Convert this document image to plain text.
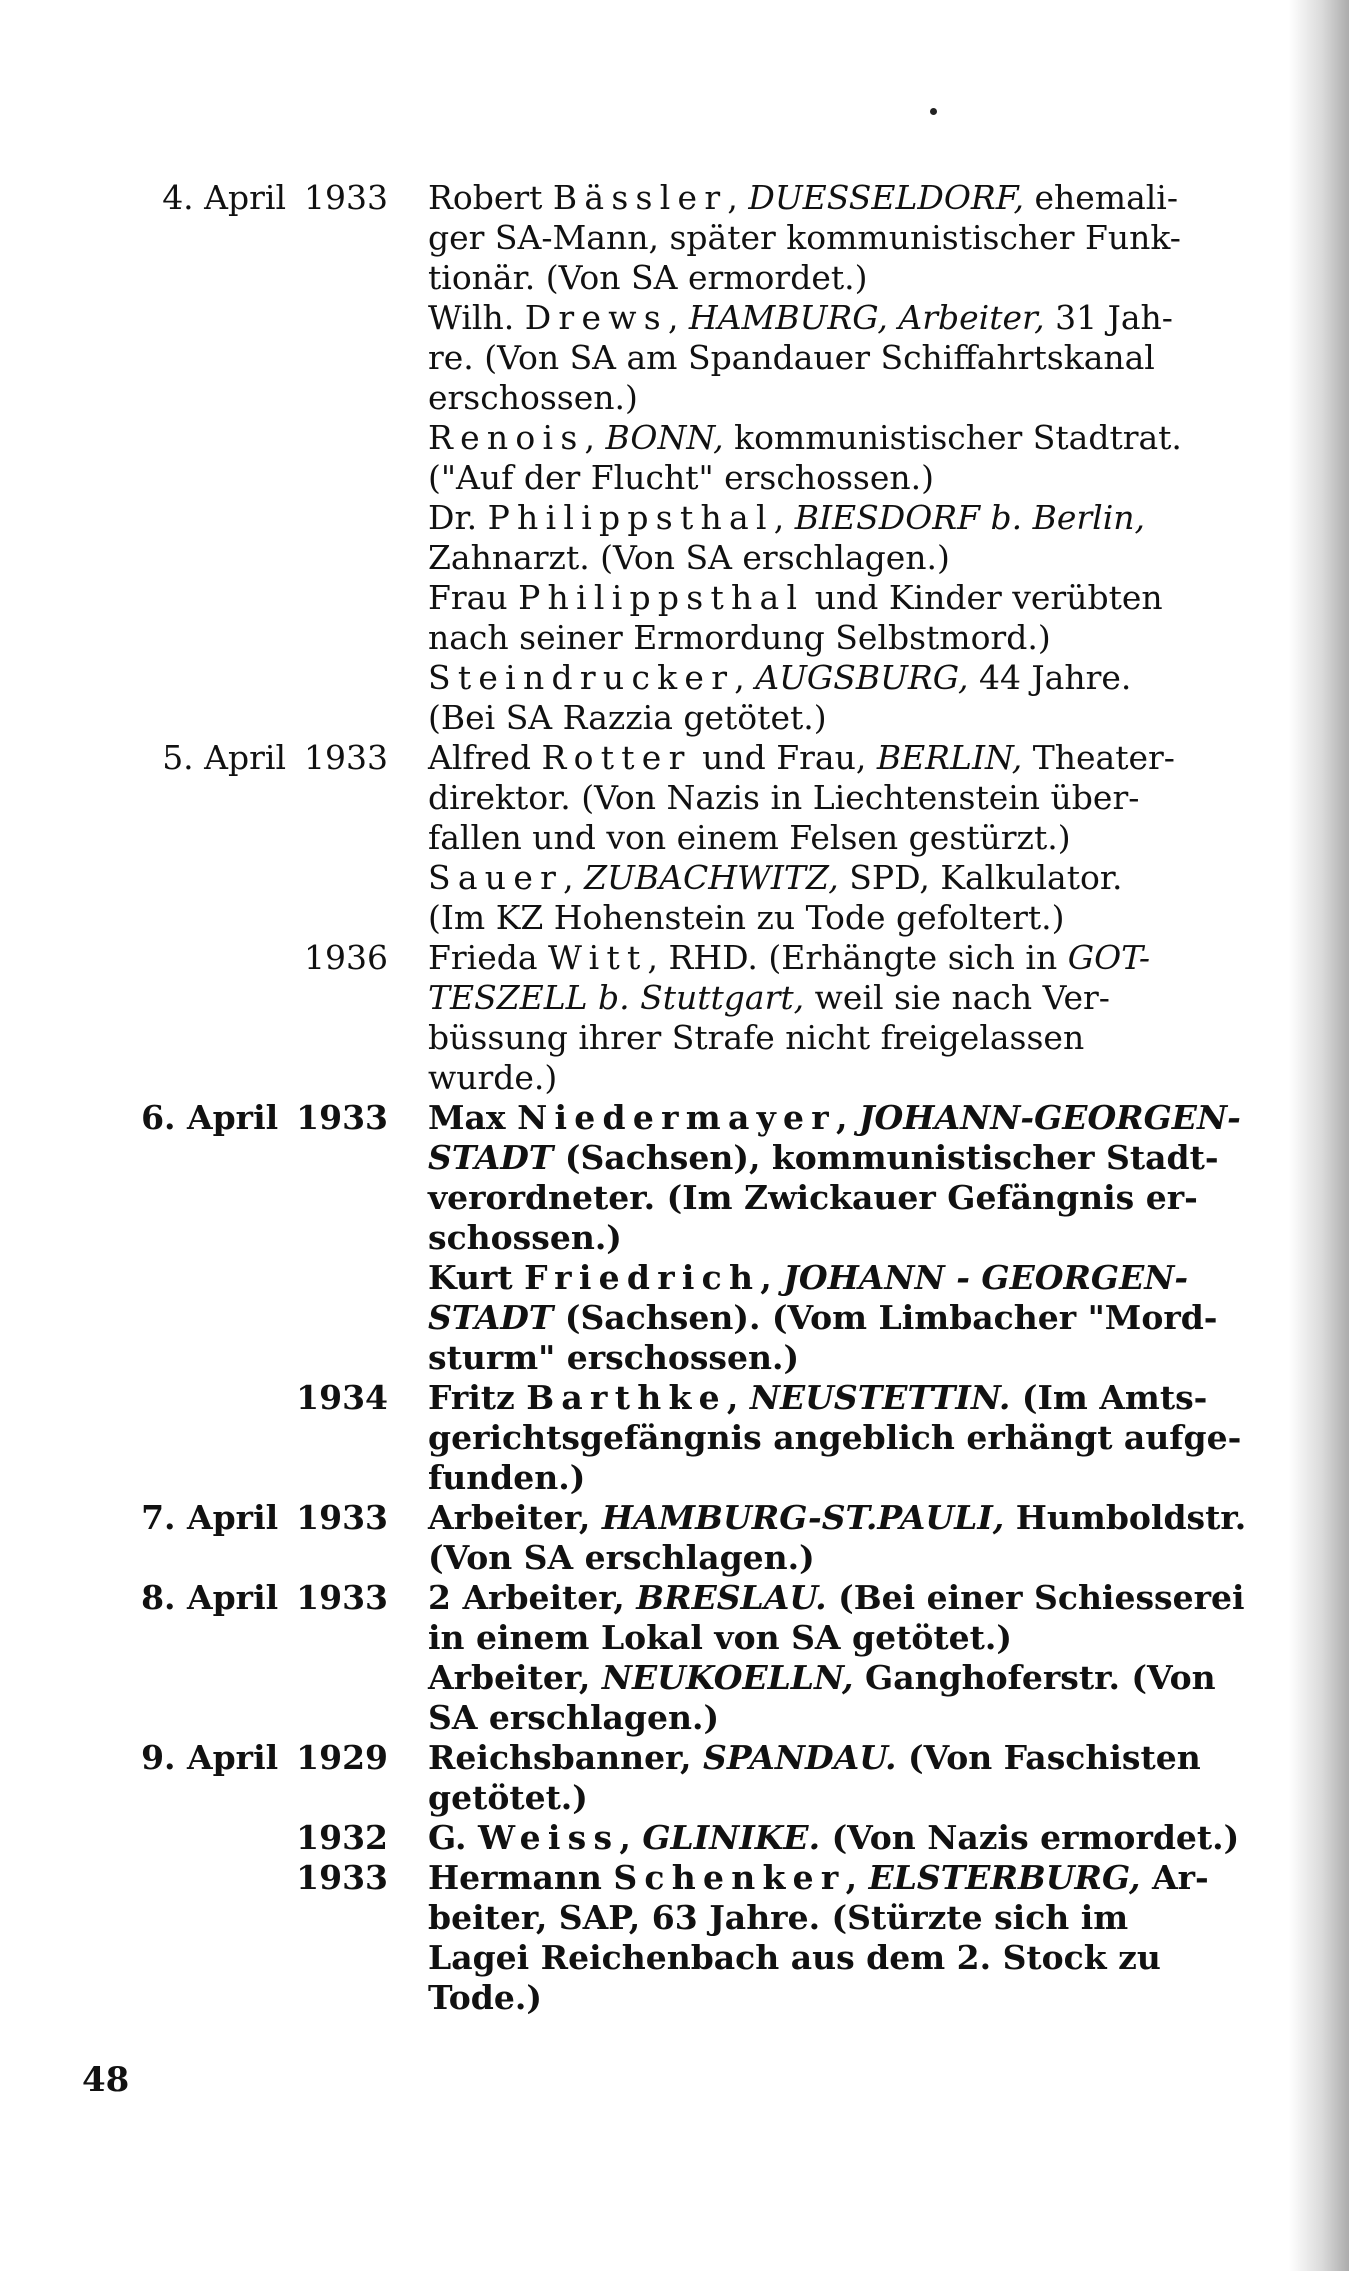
4. April 1933 Robert Bässler, DUESSELDORF, ehemali-
ger SA-Mann, später kommunistischer Funk-
tionär. (Von SA ermordet.)
Wilh. Drews, HAMBURG, Arbeiter, 31 Jah-
re. (Von SA am Spandauer Schiffahrtskanal
erschossen.)
Renois, BONN, kommunistischer Stadtrat.
("Auf der Flucht" erschossen.)
Dr. Philippsthal, BIESDORF b. Berlin,
Zahnarzt. (Von SA erschlagen.)
Frau Philippsthal und Kinder verübten
nach seiner Ermordung Selbstmord.)
Steindrucker, AUGSBURG, 44 Jahre.
(Bei SA Razzia getötet.)
5. April 1933 Alfred Rotter und Frau, BERLIN, Theater-
direktor. (Von Nazis in Liechtenstein über-
fallen und von einem Felsen gestürzt.)
Sauer, ZUBACHWITZ, SPD, Kalkulator.
(Im KZ Hohenstein zu Tode gefoltert.)
1936 Frieda Witt, RHD. (Erhängte sich in GOT-
TESZELL b. Stuttgart, weil sie nach Ver-
büssung ihrer Strafe nicht freigelassen
wurde.)
6. April 1933 Max Niedermayer, JOHANN-GEORGEN-
STADT (Sachsen), kommunistischer Stadt-
verordneter. (Im Zwickauer Gefängnis er-
schossen.)
Kurt Friedrich, JOHANN - GEORGEN-
STADT (Sachsen). (Vom Limbacher "Mord-
sturm" erschossen.)
1934 Fritz Barthke, NEUSTETTIN. (Im Amts-
gerichtsgefängnis angeblich erhängt aufge-
funden.)
7. April 1933 Arbeiter, HAMBURG-ST.PAULI, Humboldstr.
(Von SA erschlagen.)
8. April 1933 2 Arbeiter, BRESLAU. (Bei einer Schiesserei
in einem Lokal von SA getötet.)
Arbeiter, NEUKOELLN, Ganghoferstr. (Von
SA erschlagen.)
9. April 1929 Reichsbanner, SPANDAU. (Von Faschisten
getötet.)
1932 G. Weiss, GLINIKE. (Von Nazis ermordet.)
1933 Hermann Schenker, ELSTERBURG, Ar-
beiter, SAP, 63 Jahre. (Stürzte sich im
Lagei Reichenbach aus dem 2. Stock zu
Tode.)
48
